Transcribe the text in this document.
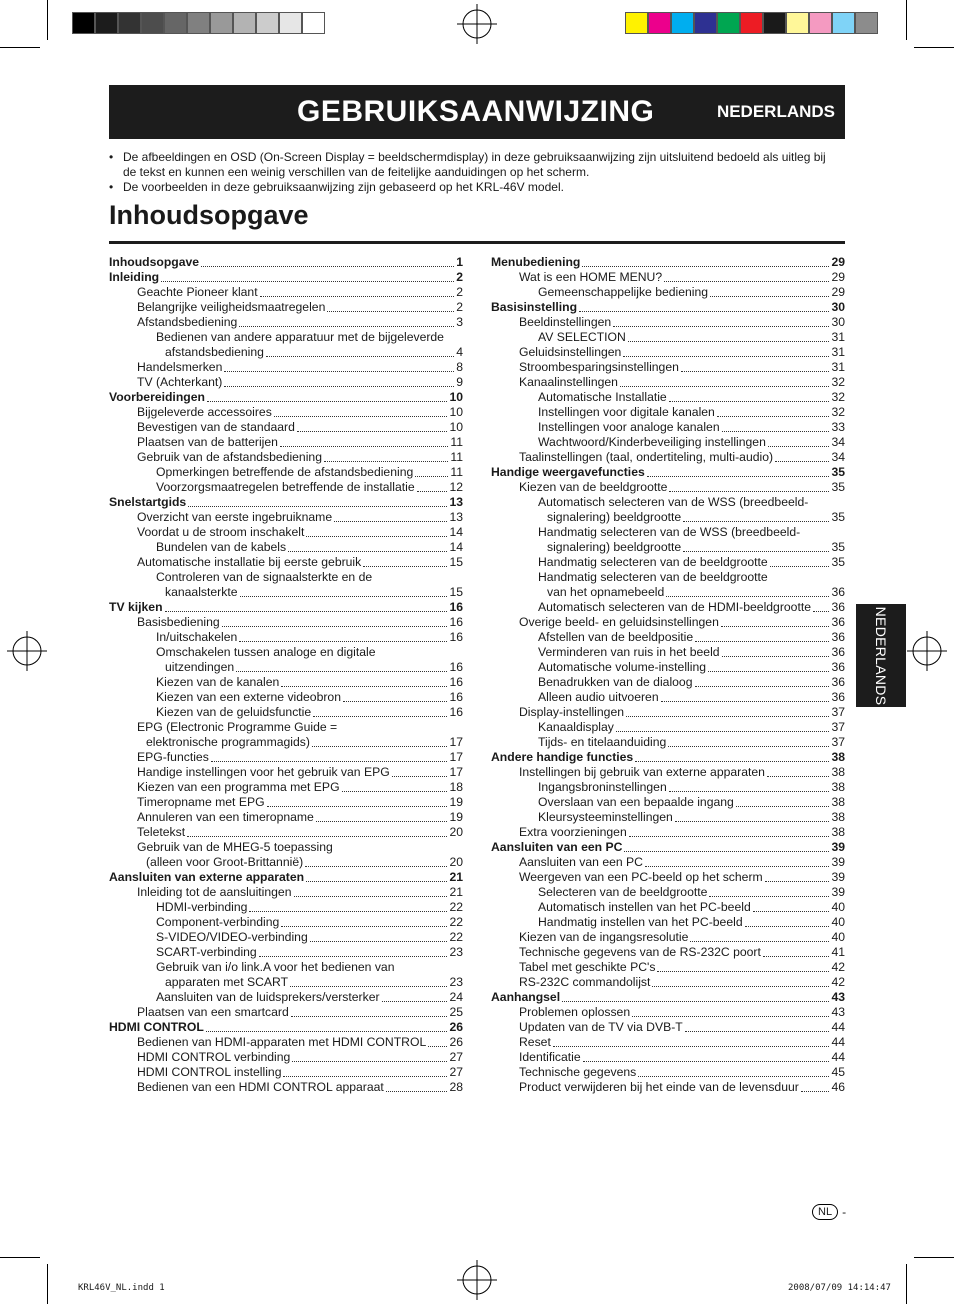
GEBRUIKSAANWIJZING	NEDERLANDS
• De afbeeldingen en OSD (On-Screen Display = beeldschermdisplay) in deze gebruiksaanwijzing zijn uitsluitend bedoeld als uitleg bij de tekst en kunnen een weinig verschillen van de feitelijke aanduidingen op het scherm.
• De voorbeelden in deze gebruiksaanwijzing zijn gebaseerd op het KRL-46V model.
Inhoudsopgave
Inhoudsopgave	1
Inleiding	2
Geachte Pioneer klant	2
Belangrijke veiligheidsmaatregelen	2
Afstandsbediening	3
Bedienen van andere apparatuur met de bijgeleverde
afstandsbediening	4
Handelsmerken	8
TV (Achterkant)	9
Voorbereidingen	10
Bijgeleverde accessoires	10
Bevestigen van de standaard	10
Plaatsen van de batterijen	11
Gebruik van de afstandsbediening	11
Opmerkingen betreffende de afstandsbediening	11
Voorzorgsmaatregelen betreffende de installatie	12
Snelstartgids	13
Overzicht van eerste ingebruikname	13
Voordat u de stroom inschakelt	14
Bundelen van de kabels	14
Automatische installatie bij eerste gebruik	15
Controleren van de signaalsterkte en de
kanaalsterkte	15
TV kijken	16
Basisbediening	16
In/uitschakelen	16
Omschakelen tussen analoge en digitale
uitzendingen	16
Kiezen van de kanalen	16
Kiezen van een externe videobron	16
Kiezen van de geluidsfunctie	16
EPG (Electronic Programme Guide =
elektronische programmagids)	17
EPG-functies	17
Handige instellingen voor het gebruik van EPG	17
Kiezen van een programma met EPG	18
Timeropname met EPG	19
Annuleren van een timeropname	19
Teletekst	20
Gebruik van de MHEG-5 toepassing
(alleen voor Groot-Brittannië)	20
Aansluiten van externe apparaten	21
Inleiding tot de aansluitingen	21
HDMI-verbinding	22
Component-verbinding	22
S-VIDEO/VIDEO-verbinding	22
SCART-verbinding	23
Gebruik van i/o link.A voor het bedienen van
apparaten met SCART	23
Aansluiten van de luidsprekers/versterker	24
Plaatsen van een smartcard	25
HDMI CONTROL	26
Bedienen van HDMI-apparaten met HDMI CONTROL 26
HDMI CONTROL verbinding	27
HDMI CONTROL instelling	27
Bedienen van een HDMI CONTROL apparaat	28
Menubediening	29
Wat is een HOME MENU?	29
Gemeenschappelijke bediening	29
Basisinstelling	30
Beeldinstellingen	30
AV SELECTION	31
Geluidsinstellingen	31
Stroombesparingsinstellingen	31
Kanaalinstellingen	32
Automatische Installatie	32
Instellingen voor digitale kanalen	32
Instellingen voor analoge kanalen	33
Wachtwoord/Kinderbeveiliging instellingen	34
Taalinstellingen (taal, ondertiteling, multi-audio)	34
Handige weergavefuncties	35
Kiezen van de beeldgrootte	35
Automatisch selecteren van de WSS (breedbeeld-
signalering) beeldgrootte	35
Handmatig selecteren van de WSS (breedbeeld-
signalering) beeldgrootte	35
Handmatig selecteren van de beeldgrootte	35
Handmatig selecteren van de beeldgrootte
van het opnamebeeld	36
Automatisch selecteren van de HDMI-beeldgrootte 36
Overige beeld- en geluidsinstellingen	36
Afstellen van de beeldpositie	36
Verminderen van ruis in het beeld	36
Automatische volume-instelling	36
Benadrukken van de dialoog	36
Alleen audio uitvoeren	36
Display-instellingen	37
Kanaaldisplay	37
Tijds- en titelaanduiding	37
Andere handige functies	38
Instellingen bij gebruik van externe apparaten	38
Ingangsbroninstellingen	38
Overslaan van een bepaalde ingang	38
Kleursysteeminstellingen	38
Extra voorzieningen	38
Aansluiten van een PC	39
Aansluiten van een PC	39
Weergeven van een PC-beeld op het scherm	39
Selecteren van de beeldgrootte	39
Automatisch instellen van het PC-beeld	40
Handmatig instellen van het PC-beeld	40
Kiezen van de ingangsresolutie	40
Technische gegevens van de RS-232C poort	41
Tabel met geschikte PC's	42
RS-232C commandolijst	42
Aanhangsel	43
Problemen oplossen	43
Updaten van de TV via DVB-T	44
Reset	44
Identificatie	44
Technische gegevens	45
Product verwijderen bij het einde van de levensduur	46
NEDERLANDS
NL -
KRL46V_NL.indd 1	2008/07/09 14:14:47
